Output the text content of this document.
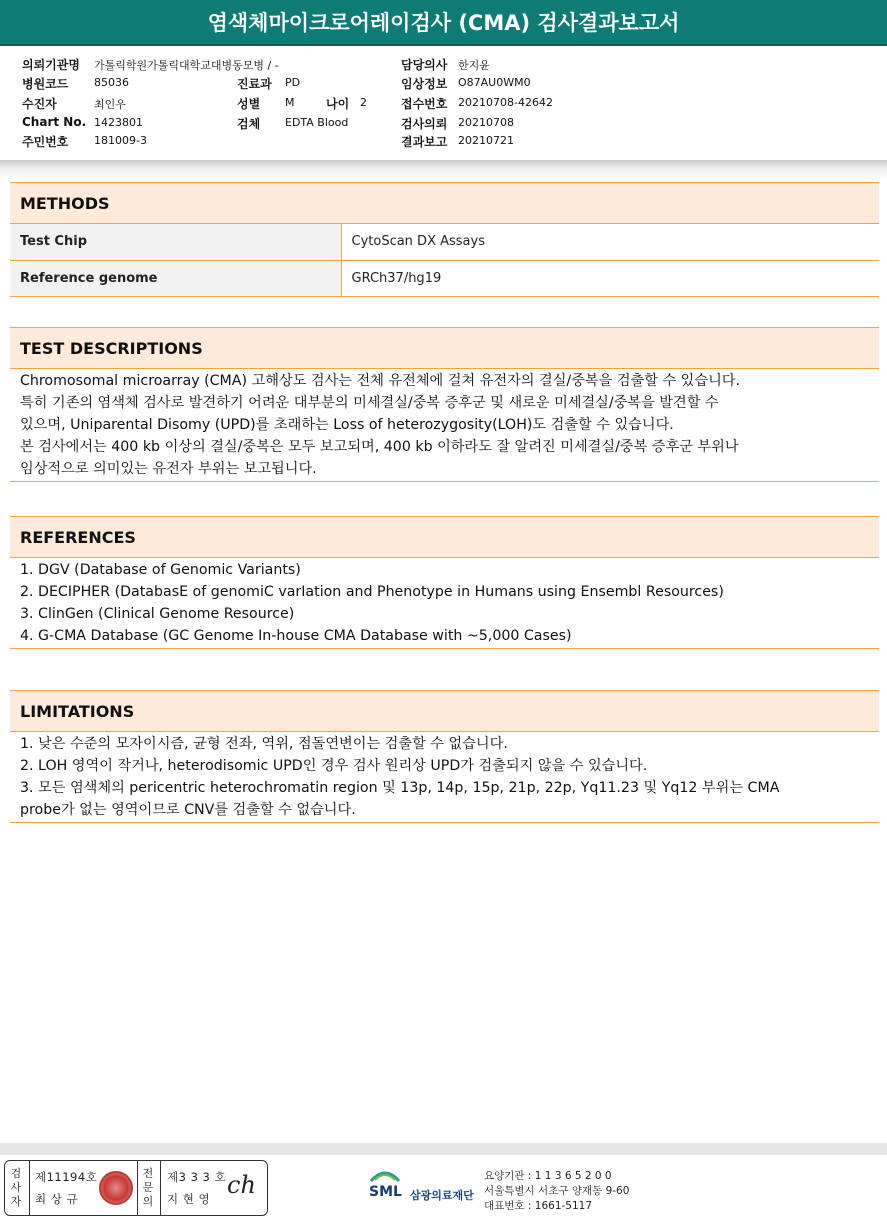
염색체마이크로어레이검사 (CMA) 검사결과보고서
의뢰기관명 가톨릭학원가톨릭대학교대병동모병 / -
병원코드 85036
수진자	최인우
Chart No. 1423801
주민번호 181009-3
진료과 PD
성별 M	나이 2
검체 EDTA Blood
담당의사 한지윤
임상정보 O87AU0WM0
접수번호 20210708-42642
검사의뢰 20210708
결과보고 20210721
METHODS
Test Chip	CytoScan DX Assays
Reference genome	GRCh37/hg19
TEST DESCRIPTIONS
Chromosomal microarray (CMA) 고해상도 검사는 전체 유전체에 걸쳐 유전자의 결실/중복을 검출할 수 있습니다.
특히 기존의 염색체 검사로 발견하기 어려운 대부분의 미세결실/중복 증후군 및 새로운 미세결실/중복을 발견할 수
있으며, Uniparental Disomy (UPD)를 초래하는 Loss of heterozygosity(LOH)도 검출할 수 있습니다.
본 검사에서는 400 kb 이상의 결실/중복은 모두 보고되며, 400 kb 이하라도 잘 알려진 미세결실/중복 증후군 부위나
임상적으로 의미있는 유전자 부위는 보고됩니다.
REFERENCES
1. DGV (Database of Genomic Variants)
2. DECIPHER (DatabasE of genomiC varIation and Phenotype in Humans using Ensembl Resources)
3. ClinGen (Clinical Genome Resource)
4. G-CMA Database (GC Genome In-house CMA Database with ~5,000 Cases)
LIMITATIONS
1. 낮은 수준의 모자이시즘, 균형 전좌, 역위, 점돌연변이는 검출할 수 없습니다.
2. LOH 영역이 작거나, heterodisomic UPD인 경우 검사 원리상 UPD가 검출되지 않을 수 있습니다.
3. 모든 염색체의 pericentric heterochromatin region 및 13p, 14p, 15p, 21p, 22p, Yq11.23 및 Yq12 부위는 CMA
probe가 없는 영역이므로 CNV를 검출할 수 없습니다.
검
사
자
제11194호
최 상 규
전
문
의
제3 3 3 호
지 현 영 ch	SML 삼광의료재단
요양기관 : 1 1 3 6 5 2 0 0
서울특별시 서초구 양재동 9-60
대표번호 : 1661-5117
